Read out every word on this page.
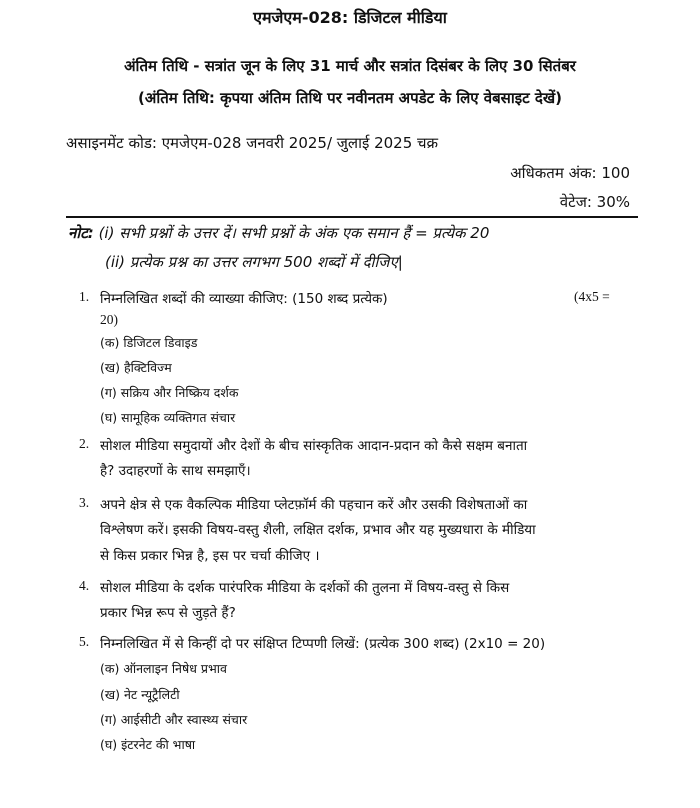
एमजेएम-028: डिजिटल मीडिया
अंतिम तिथि - सत्रांत जून के लिए 31 मार्च और सत्रांत दिसंबर के लिए 30 सितंबर
(अंतिम तिथि: कृपया अंतिम तिथि पर नवीनतम अपडेट के लिए वेबसाइट देखें)
असाइनमेंट कोड: एमजेएम-028 जनवरी 2025/ जुलाई 2025 चक्र
अधिकतम अंक: 100
वेटेज: 30%
नोट: (i) सभी प्रश्नों के उत्तर दें। सभी प्रश्नों के अंक एक समान हैं = प्रत्येक 20
(ii) प्रत्येक प्रश्न का उत्तर लगभग 500 शब्दों में दीजिए|
1. निम्नलिखित शब्दों की व्याख्या कीजिए: (150 शब्द प्रत्येक)	(4x5 =
20)
(क) डिजिटल डिवाइड
(ख) हैक्टिविज्म
(ग) सक्रिय और निष्क्रिय दर्शक
(घ) सामूहिक व्यक्तिगत संचार
2. सोशल मीडिया समुदायों और देशों के बीच सांस्कृतिक आदान-प्रदान को कैसे सक्षम बनाता
है? उदाहरणों के साथ समझाएँ।
3. अपने क्षेत्र से एक वैकल्पिक मीडिया प्लेटफ़ॉर्म की पहचान करें और उसकी विशेषताओं का
विश्लेषण करें। इसकी विषय-वस्तु शैली, लक्षित दर्शक, प्रभाव और यह मुख्यधारा के मीडिया
से किस प्रकार भिन्न है, इस पर चर्चा कीजिए ।
4. सोशल मीडिया के दर्शक पारंपरिक मीडिया के दर्शकों की तुलना में विषय-वस्तु से किस
प्रकार भिन्न रूप से जुड़ते हैं?
5. निम्नलिखित में से किन्हीं दो पर संक्षिप्त टिप्पणी लिखें: (प्रत्येक 300 शब्द) (2x10 = 20)
(क) ऑनलाइन निषेध प्रभाव
(ख) नेट न्यूट्रैलिटी
(ग) आईसीटी और स्वास्थ्य संचार
(घ) इंटरनेट की भाषा
